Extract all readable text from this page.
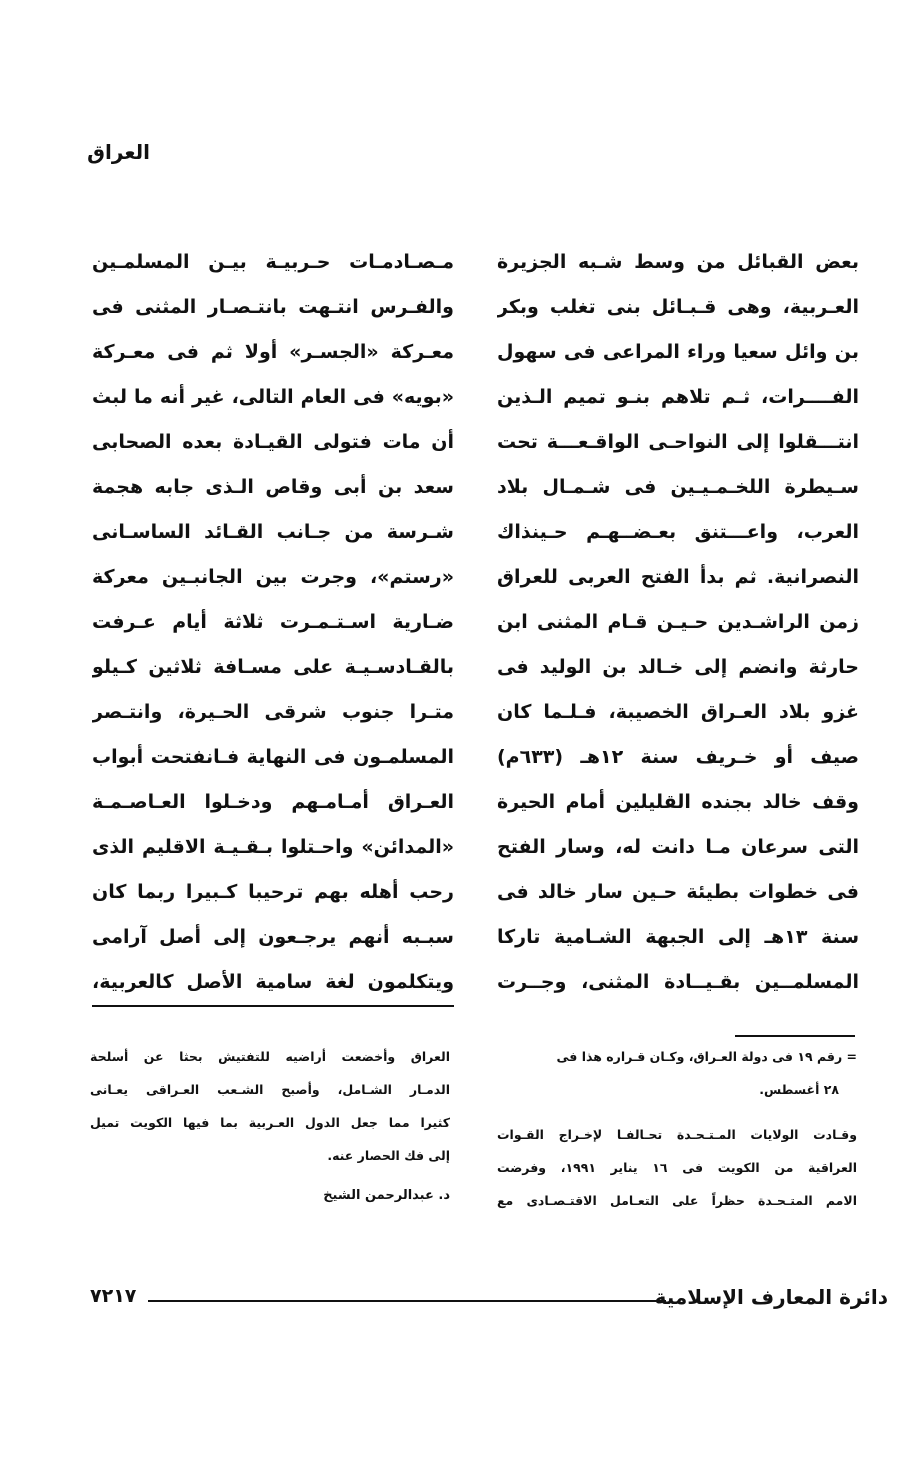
العراق
بعض القبائل من وسط شـبه الجزيرة
العـربية، وهى قـبـائل بنى تغلب وبكر
بن وائل سعيا وراء المراعى فى سهول
الفــــرات، ثـم تلاهم بنـو تميم الـذين
انتـــقلوا إلى النواحـى الواقـعـــة تحت
سـيطرة اللخـمـيـين فى شـمـال بلاد
العرب، واعـــتنق بعـضــهـم حـينذاك
النصرانية. ثم بدأ الفتح العربى للعراق
زمن الراشـدين حـيـن قـام المثنى ابن
حارثة وانضم إلى خـالد بن الوليد فى
غزو بلاد العـراق الخصيبة، فـلـما كان
صيف أو خـريف سنة ١٢هـ (٦٣٣م)
وقف خالد بجنده القليلين أمام الحيرة
التى سرعان مـا دانت له، وسار الفتح
فى خطوات بطيئة حـين سار خالد فى
سنة ١٣هـ إلى الجبهة الشـامية تاركا
المسلمــين بقـيــادة المثنى، وجــرت
مـصـادمـات حـربيـة بيـن المسلمـين
والفـرس انتـهت بانتـصـار المثنى فى
معـركة «الجسـر» أولا ثم فى معـركة
«بويه» فى العام التالى، غير أنه ما لبث
أن مات فتولى القيـادة بعده الصحابى
سعد بن أبى وقاص الـذى جابه هجمة
شـرسة من جـانب القـائد الساسـانى
«رستم»، وجرت بين الجانبـين معركة
ضـارية اسـتـمـرت ثلاثة أيام عـرفت
بالقـادسـيـة على مسـافة ثلاثين كـيلو
متـرا جنوب شرقى الحـيرة، وانتـصر
المسلمـون فى النهاية فـانفتحت أبواب
العـراق أمـامـهم ودخـلوا العـاصـمـة
«المدائن» واحـتلوا بـقـيـة الاقليم الذى
رحب أهله بهم ترحيبا كـبيرا ربما كان
سبـبه أنهم يرجـعون إلى أصل آرامى
ويتكلمون لغة سامية الأصل كالعربية،
= رقم ١٩ فى دولة العـراق، وكـان قـراره هذا فى
٢٨ أغسطس.
وقـادت الولايات المـتـحـدة تحـالفـا لإخـراج القـوات
العراقية من الكويت فى ١٦ يناير ١٩٩١، وفرضت
الامم المتـحـدة حظراً على التعـامل الاقتـصـادى مع
العراق وأخضعت أراضيه للتفتيش بحثا عن أسلحة
الدمـار الشـامل، وأصبح الشـعب العـراقى يعـانى
كثيرا مما جعل الدول العـربية بما فيها الكويت تميل
إلى فك الحصار عنه.
د. عبدالرحمن الشيخ
دائرة المعارف الإسلامية
٧٢١٧
